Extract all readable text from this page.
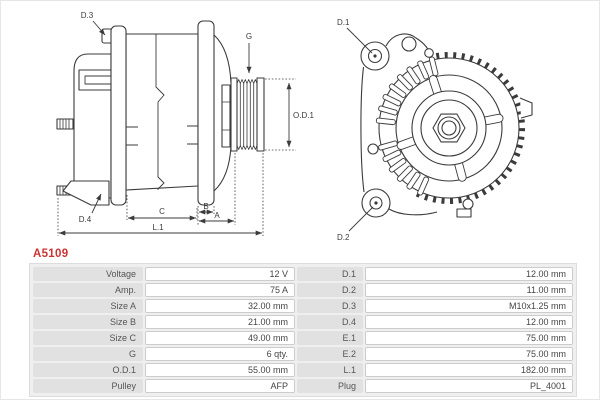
D.3
G
O.D.1
D.4
C
B
A
L.1
D.1
D.2
A5109
Voltage	12 V	D.1	12.00 mm
Amp.	75 A	D.2	11.00 mm
Size A	32.00 mm	D.3	M10x1.25 mm
Size B	21.00 mm	D.4	12.00 mm
Size C	49.00 mm	E.1	75.00 mm
G	6 qty.	E.2	75.00 mm
O.D.1	55.00 mm	L.1	182.00 mm
Pulley	AFP	Plug	PL_4001
